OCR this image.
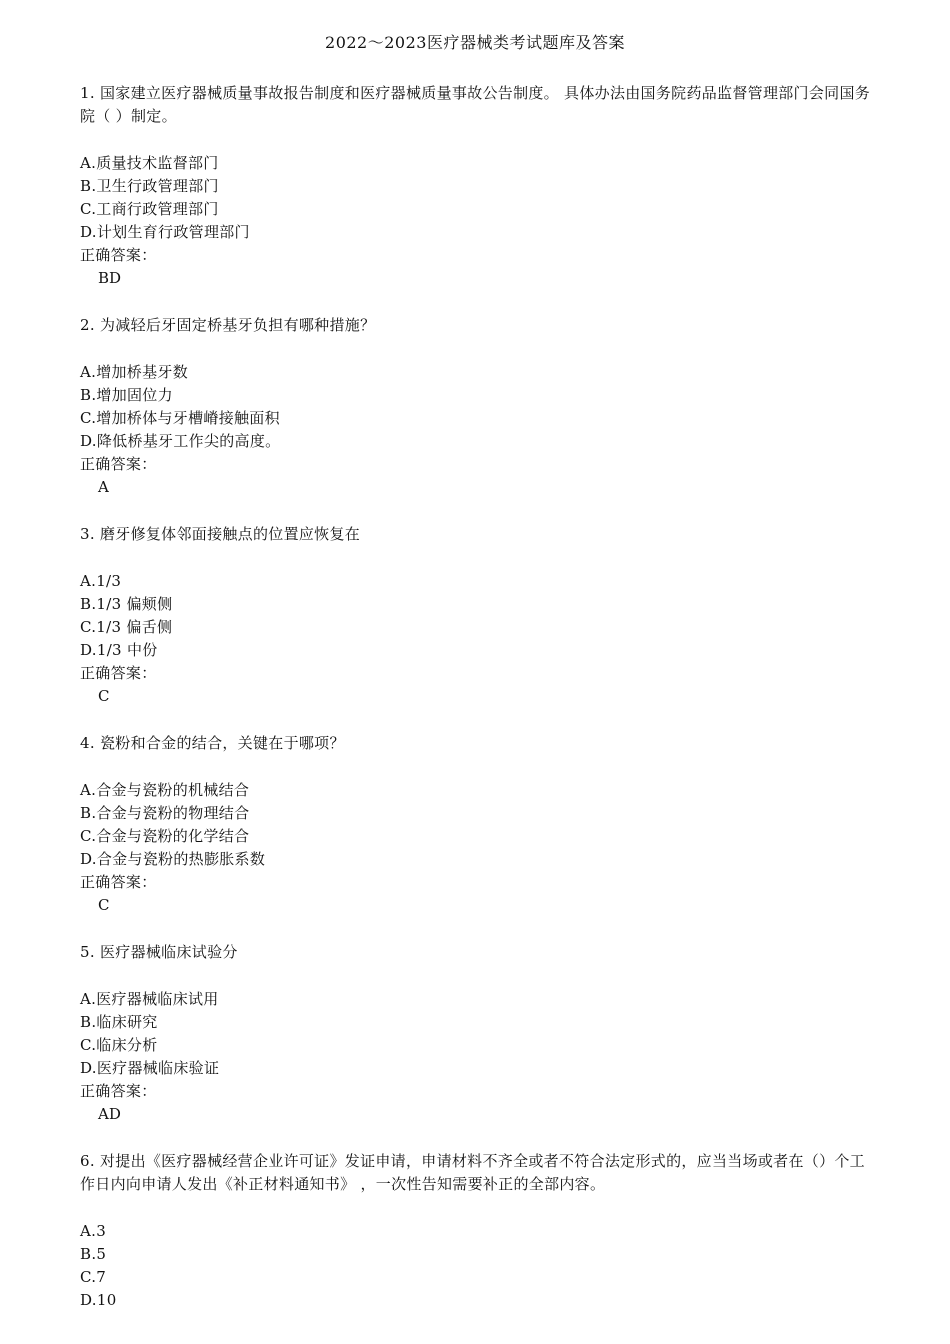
2022～2023医疗器械类考试题库及答案

1. 国家建立医疗器械质量事故报告制度和医疗器械质量事故公告制度。 具体办法由国务院药品监督管理部门会同国务院（ ）制定。

A.质量技术监督部门

B.卫生行政管理部门

C.工商行政管理部门

D.计划生育行政管理部门

正确答案：

BD

2. 为减轻后牙固定桥基牙负担有哪种措施？

A.增加桥基牙数

B.增加固位力

C.增加桥体与牙槽嵴接触面积

D.降低桥基牙工作尖的高度。

正确答案：

A

3. 磨牙修复体邻面接触点的位置应恢复在

A.1/3

B.1/3 偏颊侧

C.1/3 偏舌侧

D.1/3 中份

正确答案：

C

4. 瓷粉和合金的结合，关键在于哪项？

A.合金与瓷粉的机械结合

B.合金与瓷粉的物理结合

C.合金与瓷粉的化学结合

D.合金与瓷粉的热膨胀系数

正确答案：

C

5. 医疗器械临床试验分

A.医疗器械临床试用

B.临床研究

C.临床分析

D.医疗器械临床验证

正确答案：

AD

6. 对提出《医疗器械经营企业许可证》发证申请，申请材料不齐全或者不符合法定形式的，应当当场或者在（）个工作日内向申请人发出《补正材料通知书》 ，一次性告知需要补正的全部内容。

A.3

B.5

C.7

D.10
